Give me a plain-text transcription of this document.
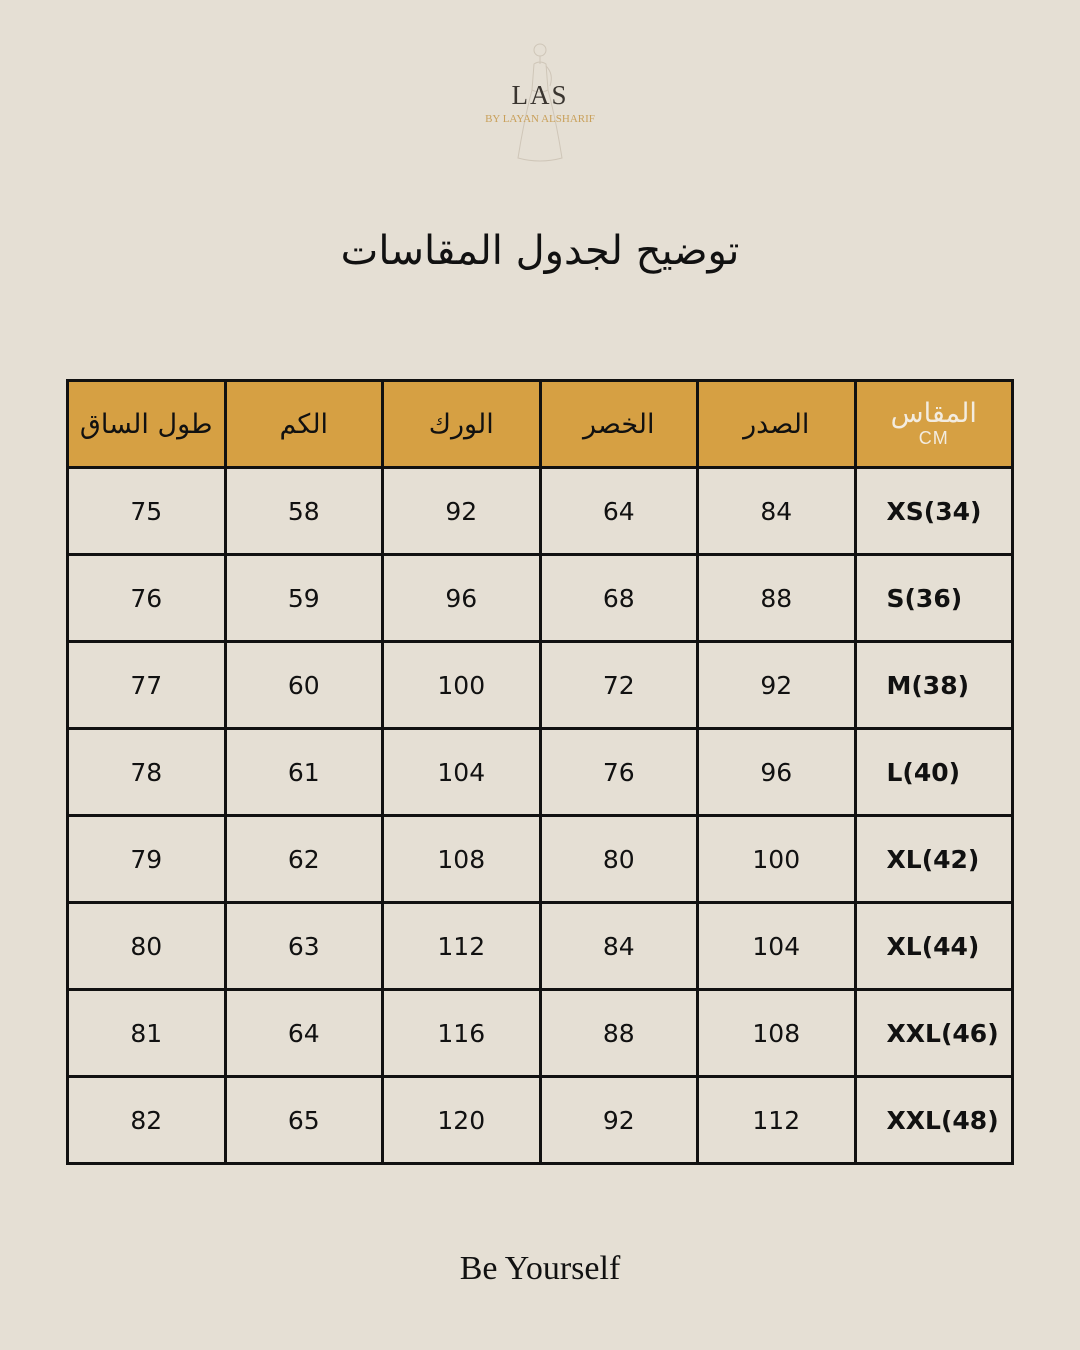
LAS
BY LAYAN ALSHARIF
توضيح لجدول المقاسات
المقاس
CM	الصدر	الخصر	الورك	الكم	طول الساق
XS(34)	84	64	92	58	75
S(36)	88	68	96	59	76
M(38)	92	72	100	60	77
L(40)	96	76	104	61	78
XL(42)	100	80	108	62	79
XL(44)	104	84	112	63	80
XXL(46)	108	88	116	64	81
XXL(48)	112	92	120	65	82
Be Yourself
